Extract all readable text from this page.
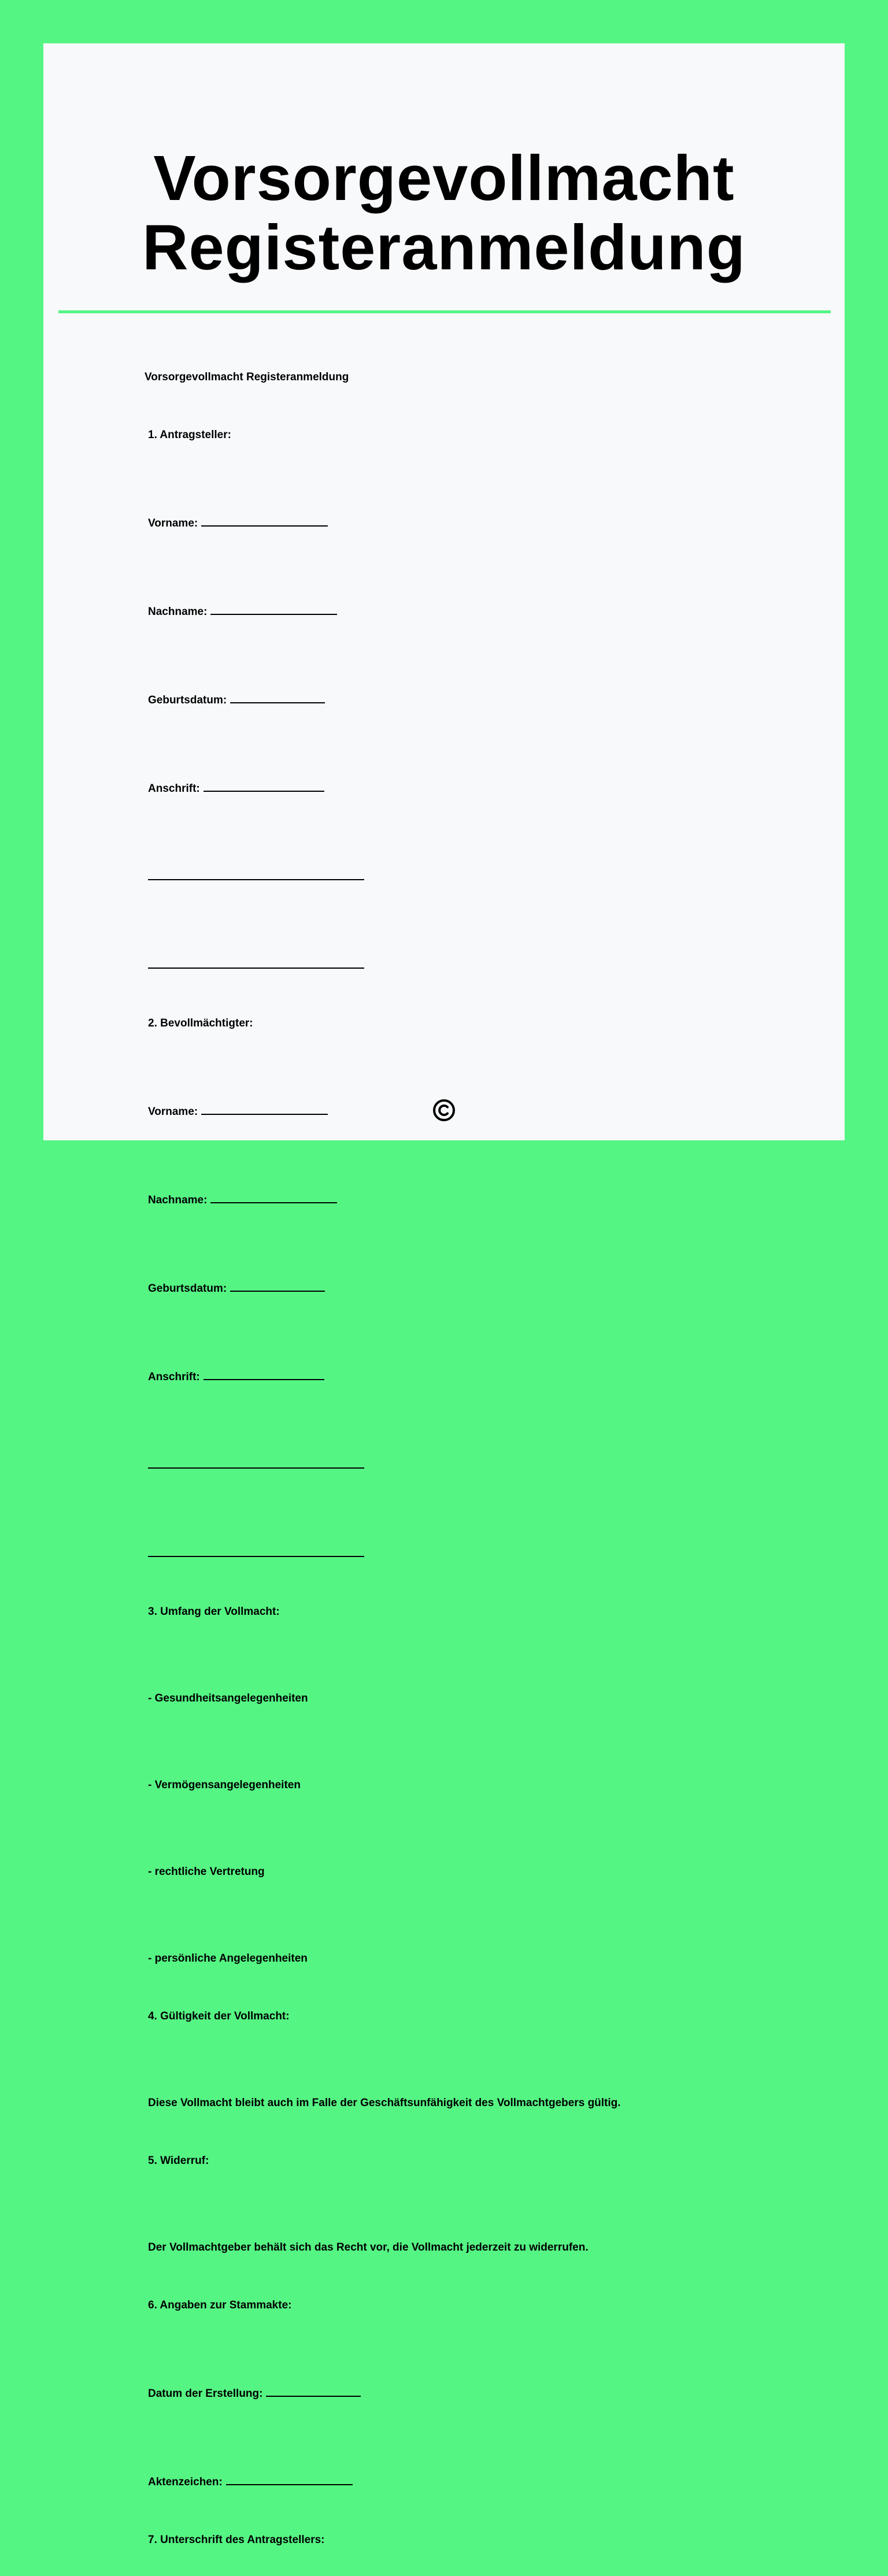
Vorsorgevollmacht
Registeranmeldung

Vorsorgevollmacht Registeranmeldung

1. Antragsteller:

Vorname:

Nachname:

Geburtsdatum:

Anschrift:

2. Bevollmächtigter:

Vorname:

Nachname:

Geburtsdatum:

Anschrift:

3. Umfang der Vollmacht:

- Gesundheitsangelegenheiten

- Vermögensangelegenheiten

- rechtliche Vertretung

- persönliche Angelegenheiten

4. Gültigkeit der Vollmacht:

Diese Vollmacht bleibt auch im Falle der Geschäftsunfähigkeit des Vollmachtgebers gültig.

5. Widerruf:

Der Vollmachtgeber behält sich das Recht vor, die Vollmacht jederzeit zu widerrufen.

6. Angaben zur Stammakte:

Datum der Erstellung:

Aktenzeichen:

7. Unterschrift des Antragstellers:
